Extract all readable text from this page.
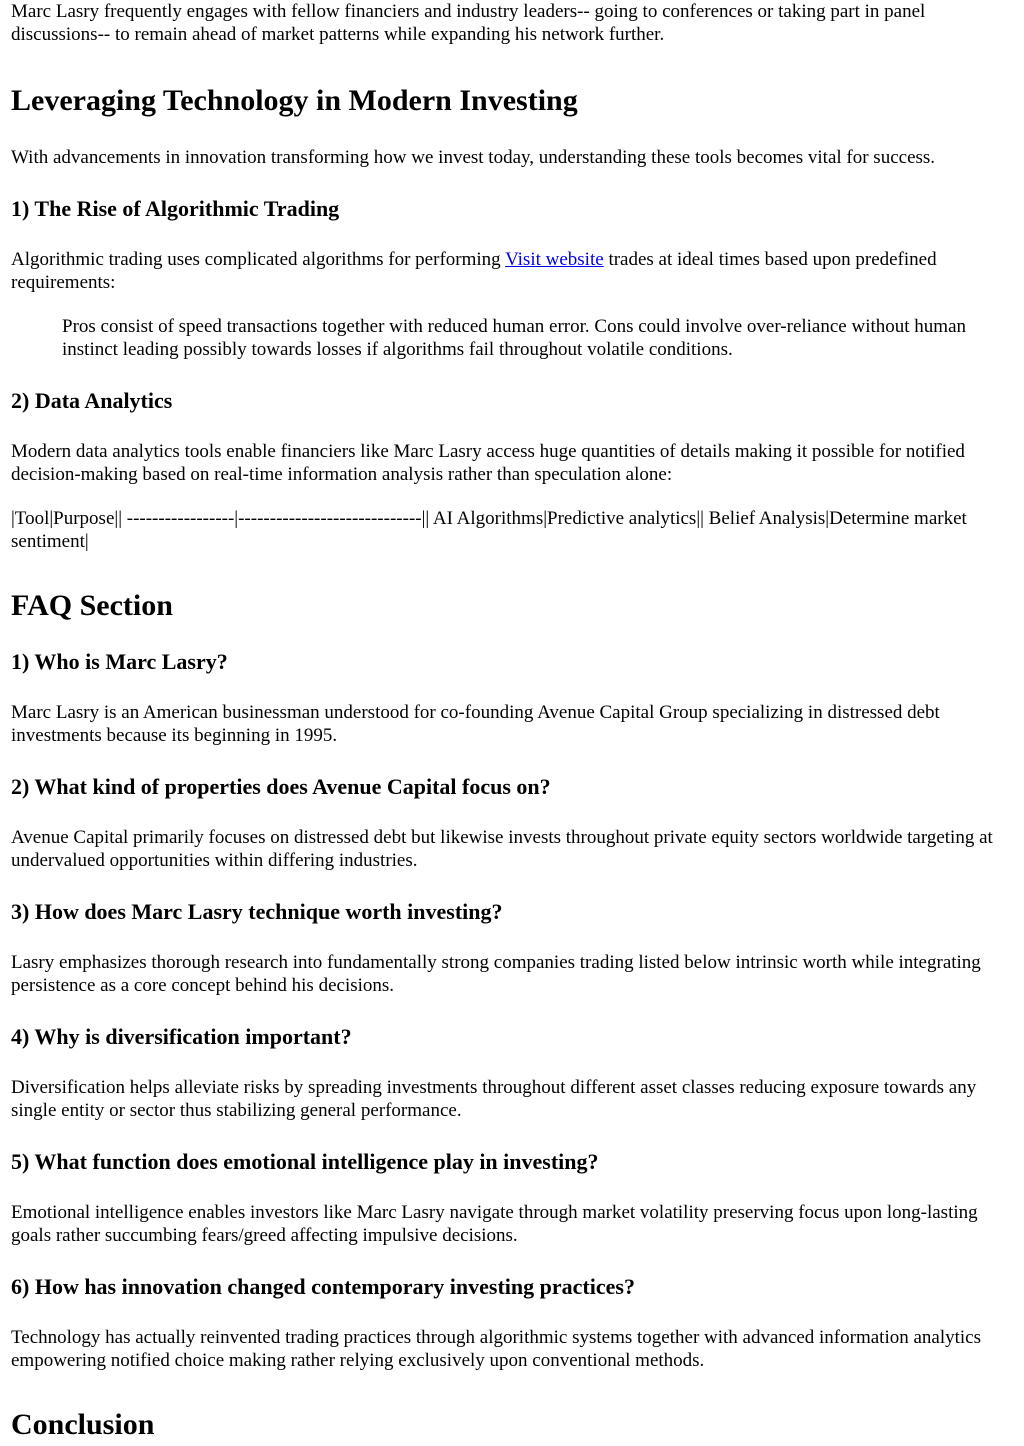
Marc Lasry frequently engages with fellow financiers and industry leaders-- going to conferences or taking part in panel discussions-- to remain ahead of market patterns while expanding his network further.

Leveraging Technology in Modern Investing

With advancements in innovation transforming how we invest today, understanding these tools becomes vital for success.

1) The Rise of Algorithmic Trading

Algorithmic trading uses complicated algorithms for performing Visit website trades at ideal times based upon predefined requirements:

Pros consist of speed transactions together with reduced human error. Cons could involve over-reliance without human instinct leading possibly towards losses if algorithms fail throughout volatile conditions.
2) Data Analytics

Modern data analytics tools enable financiers like Marc Lasry access huge quantities of details making it possible for notified decision-making based on real-time information analysis rather than speculation alone:

|Tool|Purpose|| -----------------|-----------------------------|| AI Algorithms|Predictive analytics|| Belief Analysis|Determine market sentiment|

FAQ Section
1) Who is Marc Lasry?

Marc Lasry is an American businessman understood for co-founding Avenue Capital Group specializing in distressed debt investments because its beginning in 1995.

2) What kind of properties does Avenue Capital focus on?

Avenue Capital primarily focuses on distressed debt but likewise invests throughout private equity sectors worldwide targeting at undervalued opportunities within differing industries.

3) How does Marc Lasry technique worth investing?

Lasry emphasizes thorough research into fundamentally strong companies trading listed below intrinsic worth while integrating persistence as a core concept behind his decisions.

4) Why is diversification important?

Diversification helps alleviate risks by spreading investments throughout different asset classes reducing exposure towards any single entity or sector thus stabilizing general performance.

5) What function does emotional intelligence play in investing?

Emotional intelligence enables investors like Marc Lasry navigate through market volatility preserving focus upon long-lasting goals rather succumbing fears/greed affecting impulsive decisions.

6) How has innovation changed contemporary investing practices?

Technology has actually reinvented trading practices through algorithmic systems together with advanced information analytics empowering notified choice making rather relying exclusively upon conventional methods.

Conclusion
